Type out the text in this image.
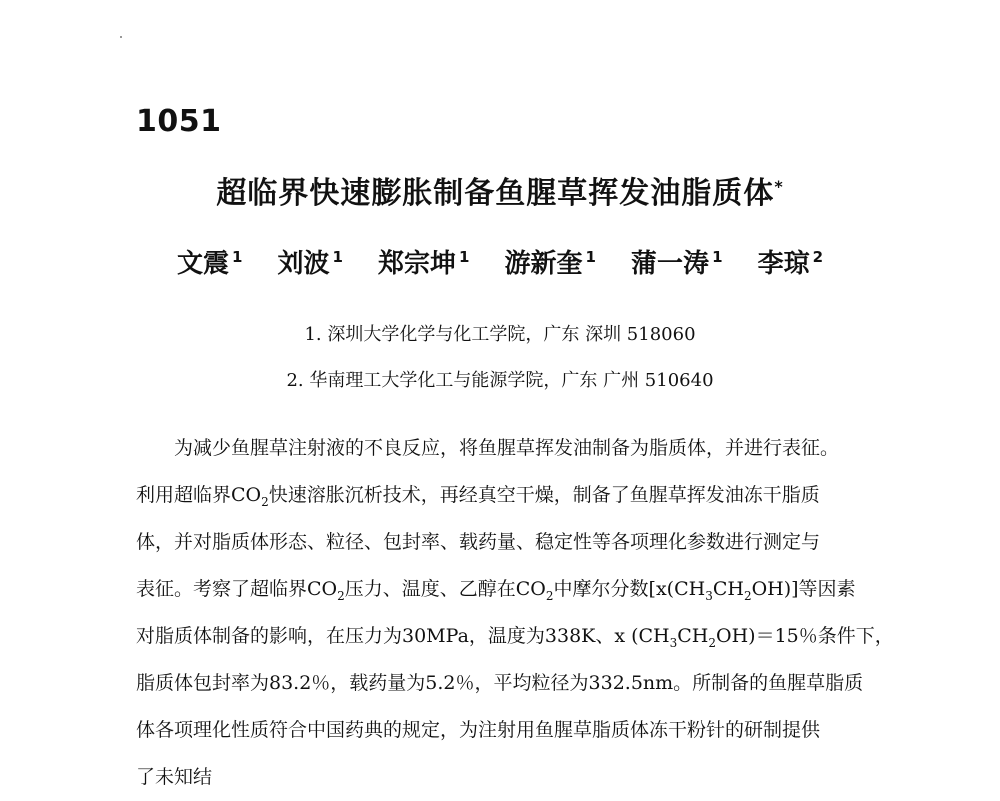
1051
超临界快速膨胀制备鱼腥草挥发油脂质体*
文震 $^1$ 刘波 $^1$ 郑宗坤 $^1$ 游新奎 $^1$ 蒲一涛 $^1$ 李琼 $^2$
1. 深圳大学化学与化工学院，广东 深圳 518060
2. 华南理工大学化工与能源学院，广东 广州 510640

为减少鱼腥草注射液的不良反应，将鱼腥草挥发油制备为脂质体，并进行表征。
利用超临界$CO_2$快速溶胀沉析技术，再经真空干燥，制备了鱼腥草挥发油冻干脂质
体，并对脂质体形态、粒径、包封率、载药量、稳定性等各项理化参数进行测定与
表征。考察了超临界$CO_2$压力、温度、乙醇在$CO_2$中摩尔分数$[x(CH_3CH_2OH)]$等因素
对脂质体制备的影响，在压力为30MPa，温度为338K、x $(CH_3CH_2OH)=15$％条件下，
脂质体包封率为83.2％，载药量为5.2％，平均粒径为332.5nm。所制备的鱼腥草脂质
体各项理化性质符合中国药典的规定，为注射用鱼腥草脂质体冻干粉针的研制提供
了未知结
